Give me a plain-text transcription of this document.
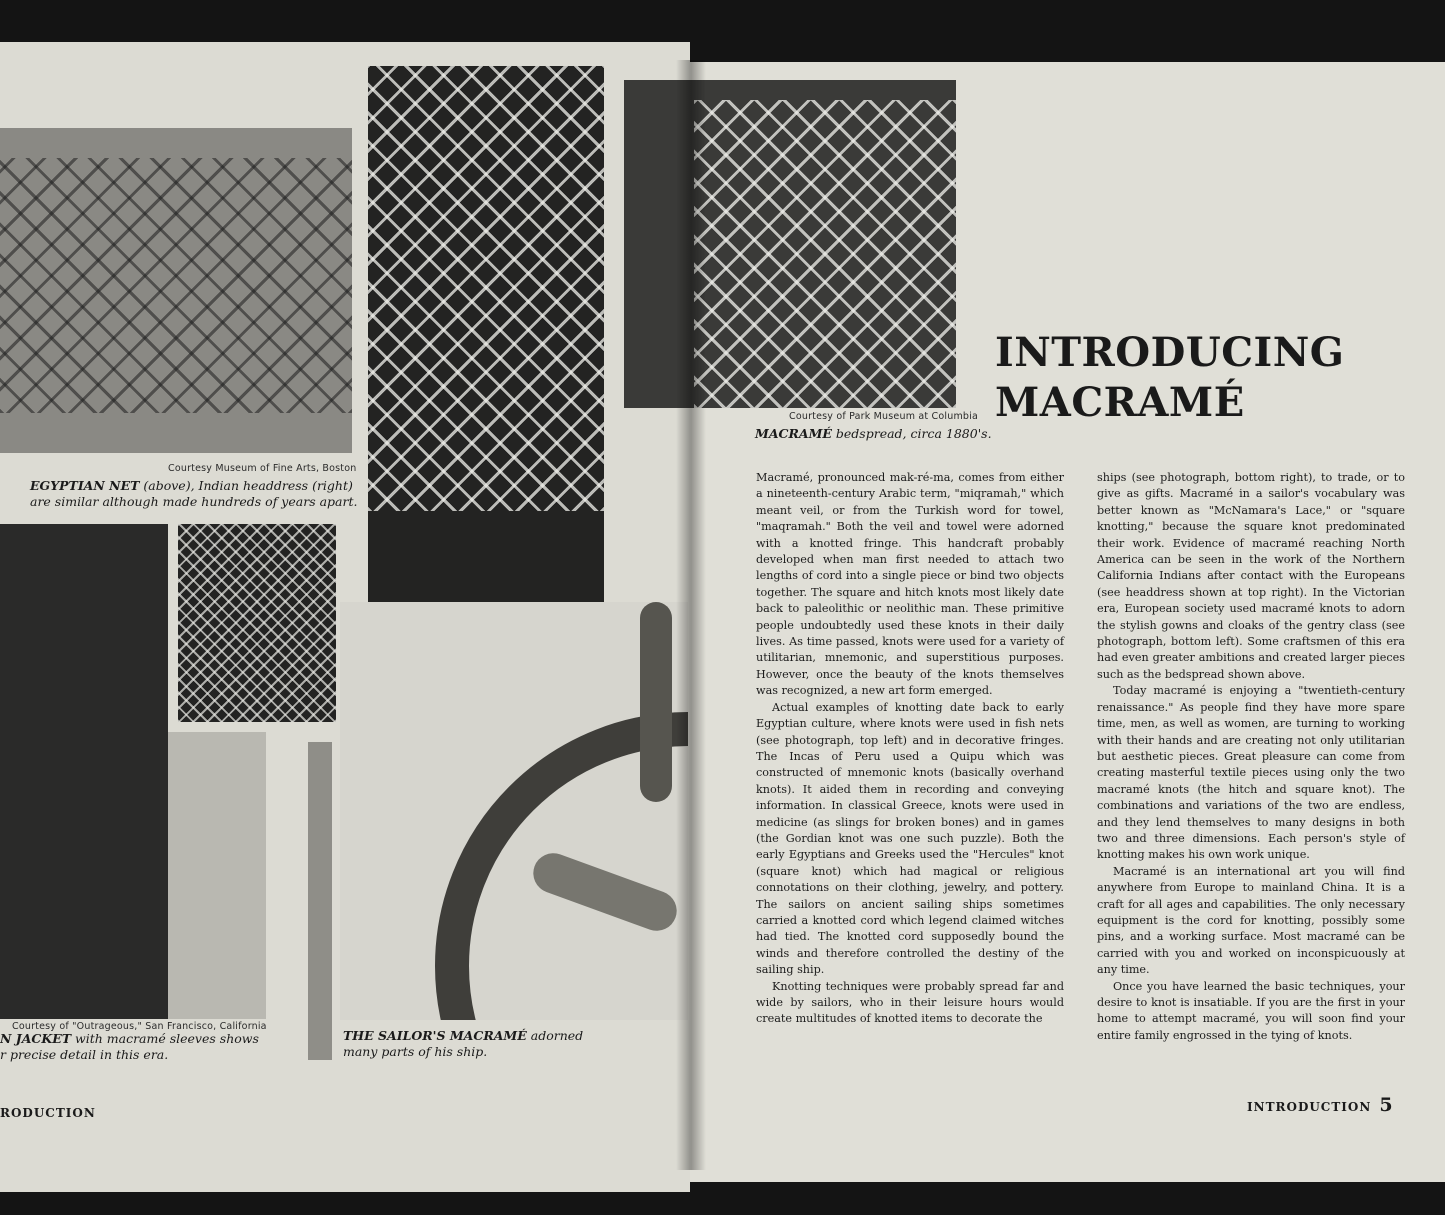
Courtesy Museum of Fine Arts, Boston
EGYPTIAN NET (above), Indian headdress (right)
are similar although made hundreds of years apart.
Courtesy of "Outrageous," San Francisco, California
N JACKET with macramé sleeves shows
r precise detail in this era.
THE SAILOR'S MACRAMÉ adorned
many parts of his ship.
RODUCTION
Courtesy of Park Museum at Columbia
MACRAMÉ bedspread, circa 1880's.
INTRODUCING
MACRAMÉ

Macramé, pronounced mak-ré-ma, comes from either a nineteenth-century Arabic term, "miqramah," which meant veil, or from the Turkish word for towel, "maqramah." Both the veil and towel were adorned with a knotted fringe. This handcraft probably developed when man first needed to attach two lengths of cord into a single piece or bind two objects together. The square and hitch knots most likely date back to paleolithic or neolithic man. These primitive people undoubtedly used these knots in their daily lives. As time passed, knots were used for a variety of utilitarian, mnemonic, and superstitious purposes. However, once the beauty of the knots themselves was recognized, a new art form emerged.

Actual examples of knotting date back to early Egyptian culture, where knots were used in fish nets (see photograph, top left) and in decorative fringes. The Incas of Peru used a Quipu which was constructed of mnemonic knots (basically overhand knots). It aided them in recording and conveying information. In classical Greece, knots were used in medicine (as slings for broken bones) and in games (the Gordian knot was one such puzzle). Both the early Egyptians and Greeks used the "Hercules" knot (square knot) which had magical or religious connotations on their clothing, jewelry, and pottery. The sailors on ancient sailing ships sometimes carried a knotted cord which legend claimed witches had tied. The knotted cord supposedly bound the winds and therefore controlled the destiny of the sailing ship.

Knotting techniques were probably spread far and wide by sailors, who in their leisure hours would create multitudes of knotted items to decorate the

ships (see photograph, bottom right), to trade, or to give as gifts. Macramé in a sailor's vocabulary was better known as "McNamara's Lace," or "square knotting," because the square knot predominated their work. Evidence of macramé reaching North America can be seen in the work of the Northern California Indians after contact with the Europeans (see headdress shown at top right). In the Victorian era, European society used macramé knots to adorn the stylish gowns and cloaks of the gentry class (see photograph, bottom left). Some craftsmen of this era had even greater ambitions and created larger pieces such as the bedspread shown above.

Today macramé is enjoying a "twentieth-century renaissance." As people find they have more spare time, men, as well as women, are turning to working with their hands and are creating not only utilitarian but aesthetic pieces. Great pleasure can come from creating masterful textile pieces using only the two macramé knots (the hitch and square knot). The combinations and variations of the two are endless, and they lend themselves to many designs in both two and three dimensions. Each person's style of knotting makes his own work unique.

Macramé is an international art you will find anywhere from Europe to mainland China. It is a craft for all ages and capabilities. The only necessary equipment is the cord for knotting, possibly some pins, and a working surface. Most macramé can be carried with you and worked on inconspicuously at any time.

Once you have learned the basic techniques, your desire to knot is insatiable. If you are the first in your home to attempt macramé, you will soon find your entire family engrossed in the tying of knots.

INTRODUCTION 5
